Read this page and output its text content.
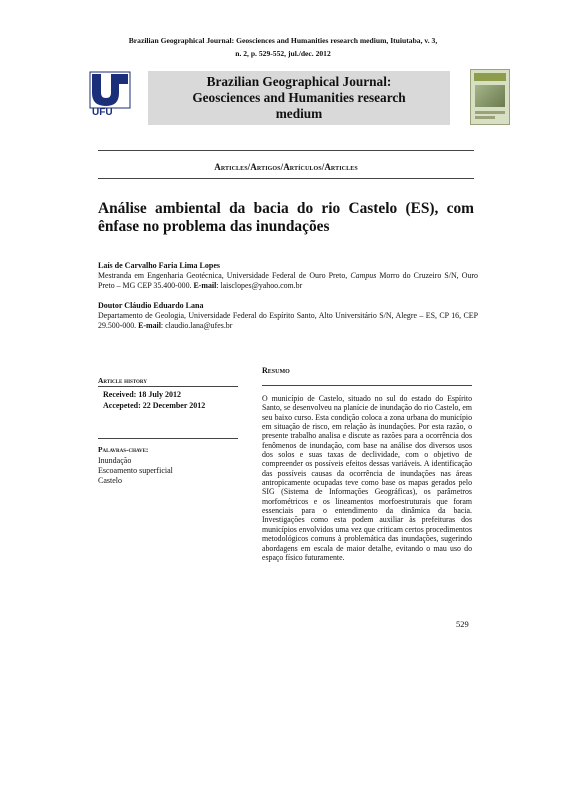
Brazilian Geographical Journal: Geosciences and Humanities research medium, Ituiutaba, v. 3,
n. 2, p. 529-552, jul./dec. 2012
UFU
Brazilian Geographical Journal:
Geosciences and Humanities research
medium
Articles/Artigos/Artículos/Articles
Análise ambiental da bacia do rio Castelo (ES), com ênfase no problema das inundações
Laís de Carvalho Faria Lima Lopes
Mestranda em Engenharia Geotécnica, Universidade Federal de Ouro Preto, Campus Morro do Cruzeiro S/N, Ouro Preto – MG CEP 35.400-000. E-mail: laisclopes@yahoo.com.br
Doutor Cláudio Eduardo Lana
Departamento de Geologia, Universidade Federal do Espírito Santo, Alto Universitário S/N, Alegre – ES, CP 16, CEP 29.500-000. E-mail: claudio.lana@ufes.br
Resumo
Article history
Received: 18 July 2012
Accepeted: 22 December 2012
Palavras-chave:
Inundação
Escoamento superficial
Castelo
O município de Castelo, situado no sul do estado do Espírito Santo, se desenvolveu na planície de inundação do rio Castelo, em seu baixo curso. Esta condição coloca a zona urbana do município em situação de risco, em relação às inundações. Por esta razão, o presente trabalho analisa e discute as razões para a ocorrência dos fenômenos de inundação, com base na análise dos diversos usos dos solos e suas taxas de declividade, com o objetivo de compreender os possíveis efeitos dessas variáveis. A identificação das possíveis causas da ocorrência de inundações nas áreas antropicamente ocupadas teve como base os mapas gerados pelo SIG (Sistema de Informações Geográficas), os parâmetros morfométricos e os lineamentos morfoestruturais que foram essenciais para o entendimento da dinâmica da bacia. Investigações como esta podem auxiliar às prefeituras dos municípios envolvidos uma vez que criticam certos procedimentos metodológicos comuns à problemática das inundações, sugerindo abordagens em escala de maior detalhe, evitando o mau uso do espaço físico futuramente.
529
